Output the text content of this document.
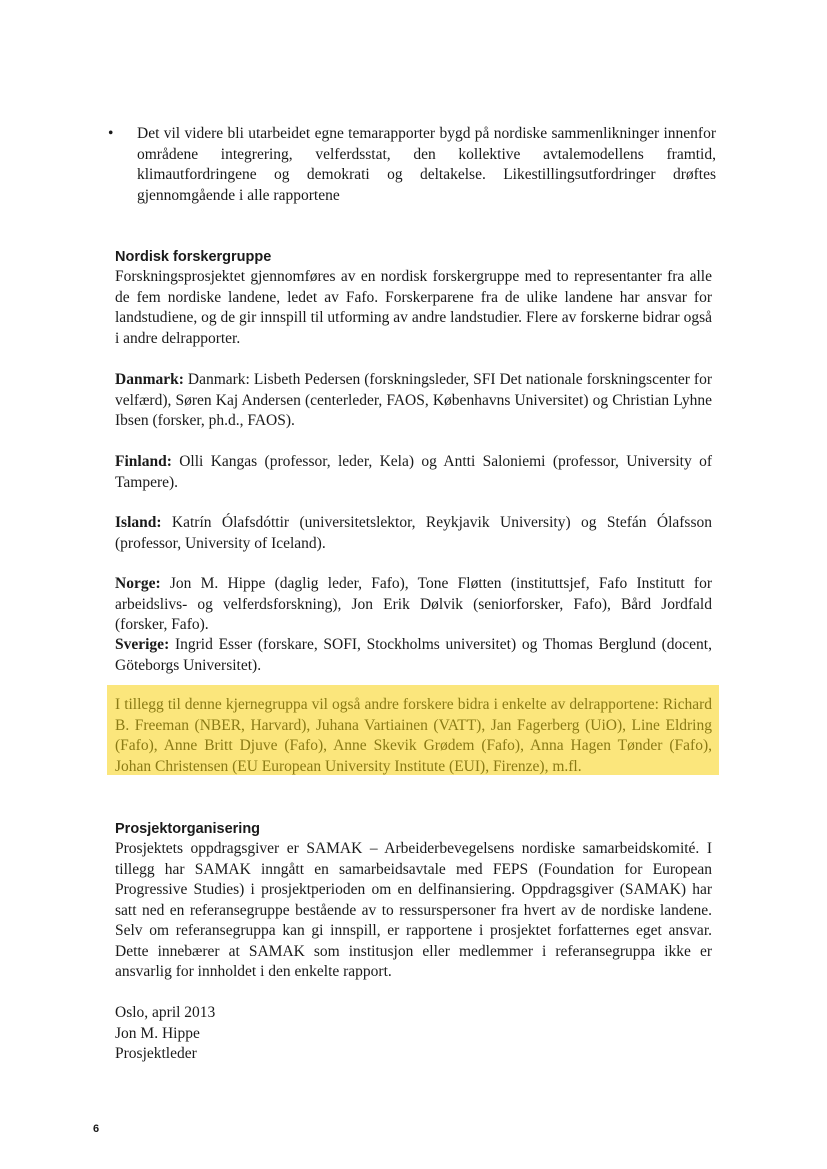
•	Det vil videre bli utarbeidet egne temarapporter bygd på nordiske sammenlikninger innenfor områdene integrering, velferdsstat, den kollektive avtalemodellens framtid, klimautfordringene og demokrati og deltakelse. Likestillingsutfordringer drøftes gjennomgående i alle rapportene
Nordisk forskergruppe

Forskningsprosjektet gjennomføres av en nordisk forskergruppe med to representanter fra alle de fem nordiske landene, ledet av Fafo. Forskerparene fra de ulike landene har ansvar for landstudiene, og de gir innspill til utforming av andre landstudier. Flere av forskerne bidrar også i andre delrapporter.

Danmark: Danmark: Lisbeth Pedersen (forskningsleder, SFI Det nationale forskningscenter for velfærd), Søren Kaj Andersen (centerleder, FAOS, Københavns Universitet) og Christian Lyhne Ibsen (forsker, ph.d., FAOS).

Finland: Olli Kangas (professor, leder, Kela) og Antti Saloniemi (professor, University of Tampere).

Island: Katrín Ólafsdóttir (universitetslektor, Reykjavik University) og Stefán Ólafsson (professor, University of Iceland).

Norge: Jon M. Hippe (daglig leder, Fafo), Tone Fløtten (instituttsjef, Fafo Institutt for arbeidslivs- og velferdsforskning), Jon Erik Dølvik (seniorforsker, Fafo), Bård Jordfald (forsker, Fafo).

Sverige: Ingrid Esser (forskare, SOFI, Stockholms universitet) og Thomas Berglund (docent, Göteborgs Universitet).

I tillegg til denne kjernegruppa vil også andre forskere bidra i enkelte av delrapportene: Richard B. Freeman (NBER, Harvard), Juhana Vartiainen (VATT), Jan Fagerberg (UiO), Line Eldring (Fafo), Anne Britt Djuve (Fafo), Anne Skevik Grødem (Fafo), Anna Hagen Tønder (Fafo), Johan Christensen (EU European University Institute (EUI), Firenze), m.fl.

Prosjektorganisering

Prosjektets oppdragsgiver er SAMAK – Arbeiderbevegelsens nordiske samarbeidskomité. I tillegg har SAMAK inngått en samarbeidsavtale med FEPS (Foundation for European Progressive Studies) i prosjektperioden om en delfinansiering. Oppdragsgiver (SAMAK) har satt ned en referansegruppe bestående av to ressurspersoner fra hvert av de nordiske landene. Selv om referansegruppa kan gi innspill, er rapportene i prosjektet forfatternes eget ansvar. Dette innebærer at SAMAK som institusjon eller medlemmer i referansegruppa ikke er ansvarlig for innholdet i den enkelte rapport.

Oslo, april 2013
Jon M. Hippe
Prosjektleder
6
